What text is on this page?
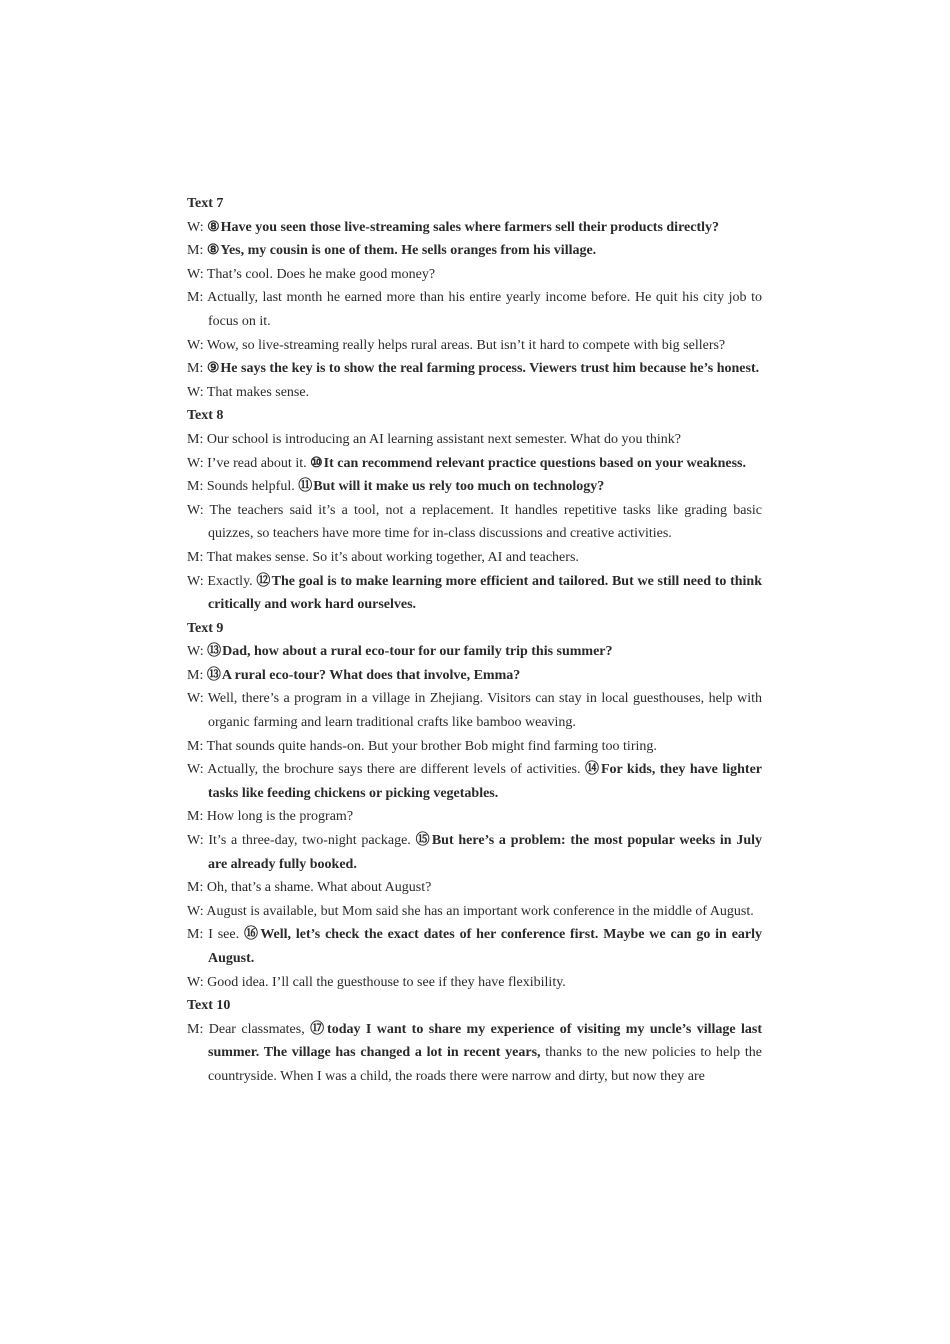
Text 7
W: ⑧Have you seen those live-streaming sales where farmers sell their products directly?
M: ⑧Yes, my cousin is one of them. He sells oranges from his village.
W: That’s cool. Does he make good money?
M: Actually, last month he earned more than his entire yearly income before. He quit his city job to focus on it.
W: Wow, so live-streaming really helps rural areas. But isn’t it hard to compete with big sellers?
M: ⑨He says the key is to show the real farming process. Viewers trust him because he’s honest.
W: That makes sense.
Text 8
M: Our school is introducing an AI learning assistant next semester. What do you think?
W: I’ve read about it. ⑩It can recommend relevant practice questions based on your weakness.
M: Sounds helpful. ⑪But will it make us rely too much on technology?
W: The teachers said it’s a tool, not a replacement. It handles repetitive tasks like grading basic quizzes, so teachers have more time for in-class discussions and creative activities.
M: That makes sense. So it’s about working together, AI and teachers.
W: Exactly. ⑫The goal is to make learning more efficient and tailored. But we still need to think critically and work hard ourselves.
Text 9
W: ⑬Dad, how about a rural eco-tour for our family trip this summer?
M: ⑬A rural eco-tour? What does that involve, Emma?
W: Well, there’s a program in a village in Zhejiang. Visitors can stay in local guesthouses, help with organic farming and learn traditional crafts like bamboo weaving.
M: That sounds quite hands-on. But your brother Bob might find farming too tiring.
W: Actually, the brochure says there are different levels of activities. ⑭For kids, they have lighter tasks like feeding chickens or picking vegetables.
M: How long is the program?
W: It’s a three-day, two-night package. ⑮But here’s a problem: the most popular weeks in July are already fully booked.
M: Oh, that’s a shame. What about August?
W: August is available, but Mom said she has an important work conference in the middle of August.
M: I see. ⑯Well, let’s check the exact dates of her conference first. Maybe we can go in early August.
W: Good idea. I’ll call the guesthouse to see if they have flexibility.
Text 10
M: Dear classmates, ⑰today I want to share my experience of visiting my uncle’s village last summer. The village has changed a lot in recent years, thanks to the new policies to help the countryside. When I was a child, the roads there were narrow and dirty, but now they are
